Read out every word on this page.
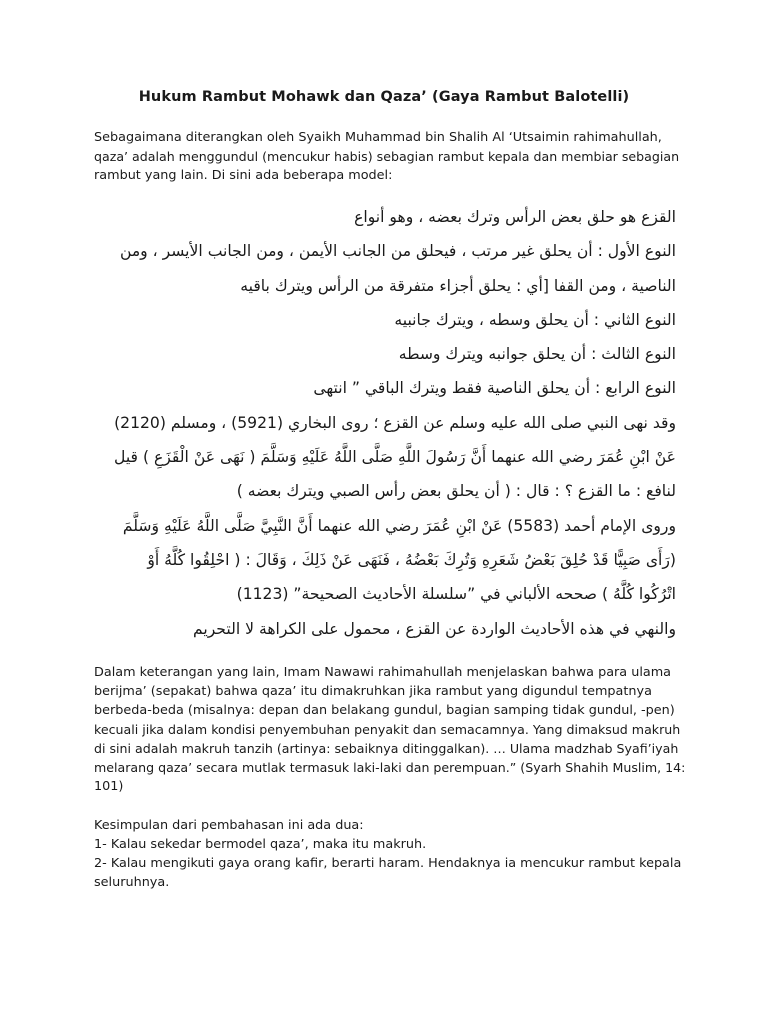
Hukum Rambut Mohawk dan Qaza’ (Gaya Rambut Balotelli)

Sebagaimana diterangkan oleh Syaikh Muhammad bin Shalih Al ‘Utsaimin rahimahullah,

qaza’ adalah menggundul (mencukur habis) sebagian rambut kepala dan membiar sebagian

rambut yang lain. Di sini ada beberapa model:

القزع هو حلق بعض الرأس وترك بعضه ، وهو أنواع
النوع الأول : أن يحلق غير مرتب ، فيحلق من الجانب الأيمن ، ومن الجانب الأيسر ، ومن
الناصية ، ومن القفا [أي : يحلق أجزاء متفرقة من الرأس ويترك باقيه
النوع الثاني : أن يحلق وسطه ، ويترك جانبيه
النوع الثالث : أن يحلق جوانبه ويترك وسطه
النوع الرابع : أن يحلق الناصية فقط ويترك الباقي ” انتهى
وقد نهى النبي صلى الله عليه وسلم عن القزع ؛ روى البخاري (5921) ، ومسلم (2120)
عَنْ ابْنِ عُمَرَ رضي الله عنهما أَنَّ رَسُولَ اللَّهِ صَلَّى اللَّهُ عَلَيْهِ وَسَلَّمَ ( نَهَى عَنْ الْقَزَعِ ) قيل
لنافع : ما القزع ؟ : قال : ( أن يحلق بعض رأس الصبي ويترك بعضه )
وروى الإمام أحمد (5583) عَنْ ابْنِ عُمَرَ رضي الله عنهما أَنَّ النَّبِيَّ صَلَّى اللَّهُ عَلَيْهِ وَسَلَّمَ
(رَأَى صَبِيًّا قَدْ حُلِقَ بَعْضُ شَعَرِهِ وَتُرِكَ بَعْضُهُ ، فَنَهَى عَنْ ذَلِكَ ، وَقَالَ : ( احْلِقُوا كُلَّهُ أَوْ
اتْرُكُوا كُلَّهُ ) صححه الألباني في ”سلسلة الأحاديث الصحيحة” (1123)
والنهي في هذه الأحاديث الواردة عن القزع ، محمول على الكراهة لا التحريم

Dalam keterangan yang lain, Imam Nawawi rahimahullah menjelaskan bahwa para ulama

berijma’ (sepakat) bahwa qaza’ itu dimakruhkan jika rambut yang digundul tempatnya

berbeda-beda (misalnya: depan dan belakang gundul, bagian samping tidak gundul, -pen)

kecuali jika dalam kondisi penyembuhan penyakit dan semacamnya. Yang dimaksud makruh

di sini adalah makruh tanzih (artinya: sebaiknya ditinggalkan). … Ulama madzhab Syafi’iyah

melarang qaza’ secara mutlak termasuk laki-laki dan perempuan.” (Syarh Shahih Muslim, 14:

101)

Kesimpulan dari pembahasan ini ada dua:

1- Kalau sekedar bermodel qaza’, maka itu makruh.

2- Kalau mengikuti gaya orang kafir, berarti haram. Hendaknya ia mencukur rambut kepala

seluruhnya.
